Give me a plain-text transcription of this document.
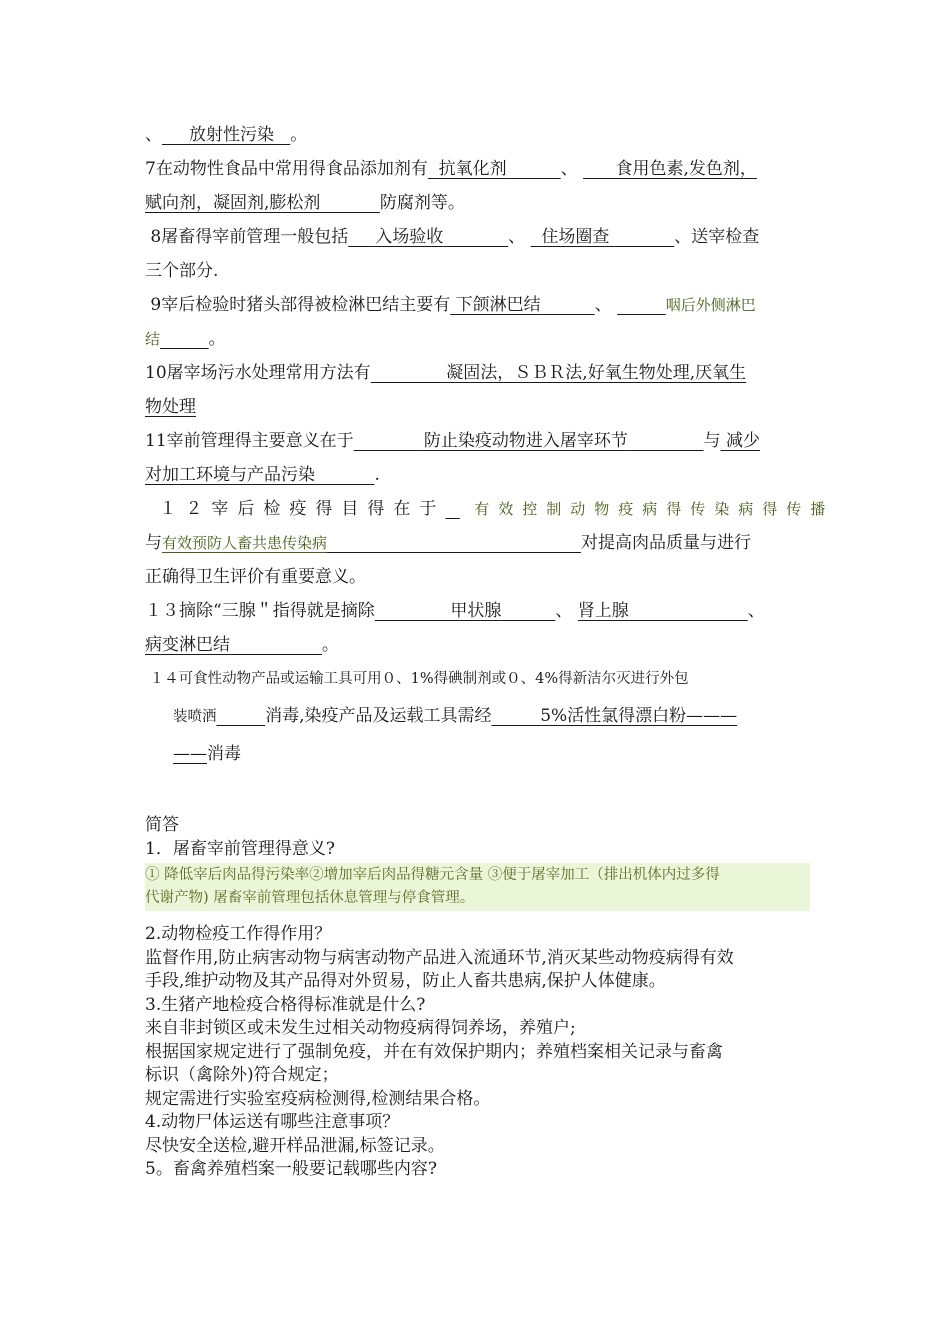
、 放射性污染 。

7在动物性食品中常用得食品添加剂有 抗氧化剂	、 食用色素,发色剂，

赋向剂，凝固剂,膨松剂	防腐剂等。

8屠畜得宰前管理一般包括 入场验收	、 住场圈查	、送宰检查

三个部分.

9宰后检验时猪头部得被检淋巴结主要有 下颌淋巴结	、	咽后外侧淋巴

结	。

10屠宰场污水处理常用方法有	凝固法，ＳＢＲ法,好氧生物处理,厌氧生

物处理

11宰前管理得主要意义在于	防止染疫动物进入屠宰环节	与 减少

对加工环境与产品污染	.

１２宰后检疫得目得在于 有效控制动物疫病得传染病得传播

与有效预防人畜共患传染病	对提高肉品质量与进行

正确得卫生评价有重要意义。

１３摘除“三腺＂指得就是摘除	甲状腺	、 肾上腺	、

病变淋巴结	。

１４可食性动物产品或运输工具可用０、1%得碘制剂或０、4%得新洁尔灭进行外包

装喷洒	消毒,染疫产品及运载工具需经	5%活性氯得漂白粉———

——消毒

简答

1．屠畜宰前管理得意义?

① 降低宰后肉品得污染率②增加宰后肉品得糖元含量 ③便于屠宰加工（排出机体内过多得
代谢产物) 屠畜宰前管理包括休息管理与停食管理。

2.动物检疫工作得作用？

监督作用,防止病害动物与病害动物产品进入流通环节,消灭某些动物疫病得有效

手段,维护动物及其产品得对外贸易，防止人畜共患病,保护人体健康。

3.生猪产地检疫合格得标准就是什么?

来自非封锁区或未发生过相关动物疫病得饲养场，养殖户;

根据国家规定进行了强制免疫，并在有效保护期内；养殖档案相关记录与畜禽

标识（禽除外)符合规定；

规定需进行实验室疫病检测得,检测结果合格。

4.动物尸体运送有哪些注意事项？

尽快安全送检,避开样品泄漏,标签记录。

5。畜禽养殖档案一般要记载哪些内容?
